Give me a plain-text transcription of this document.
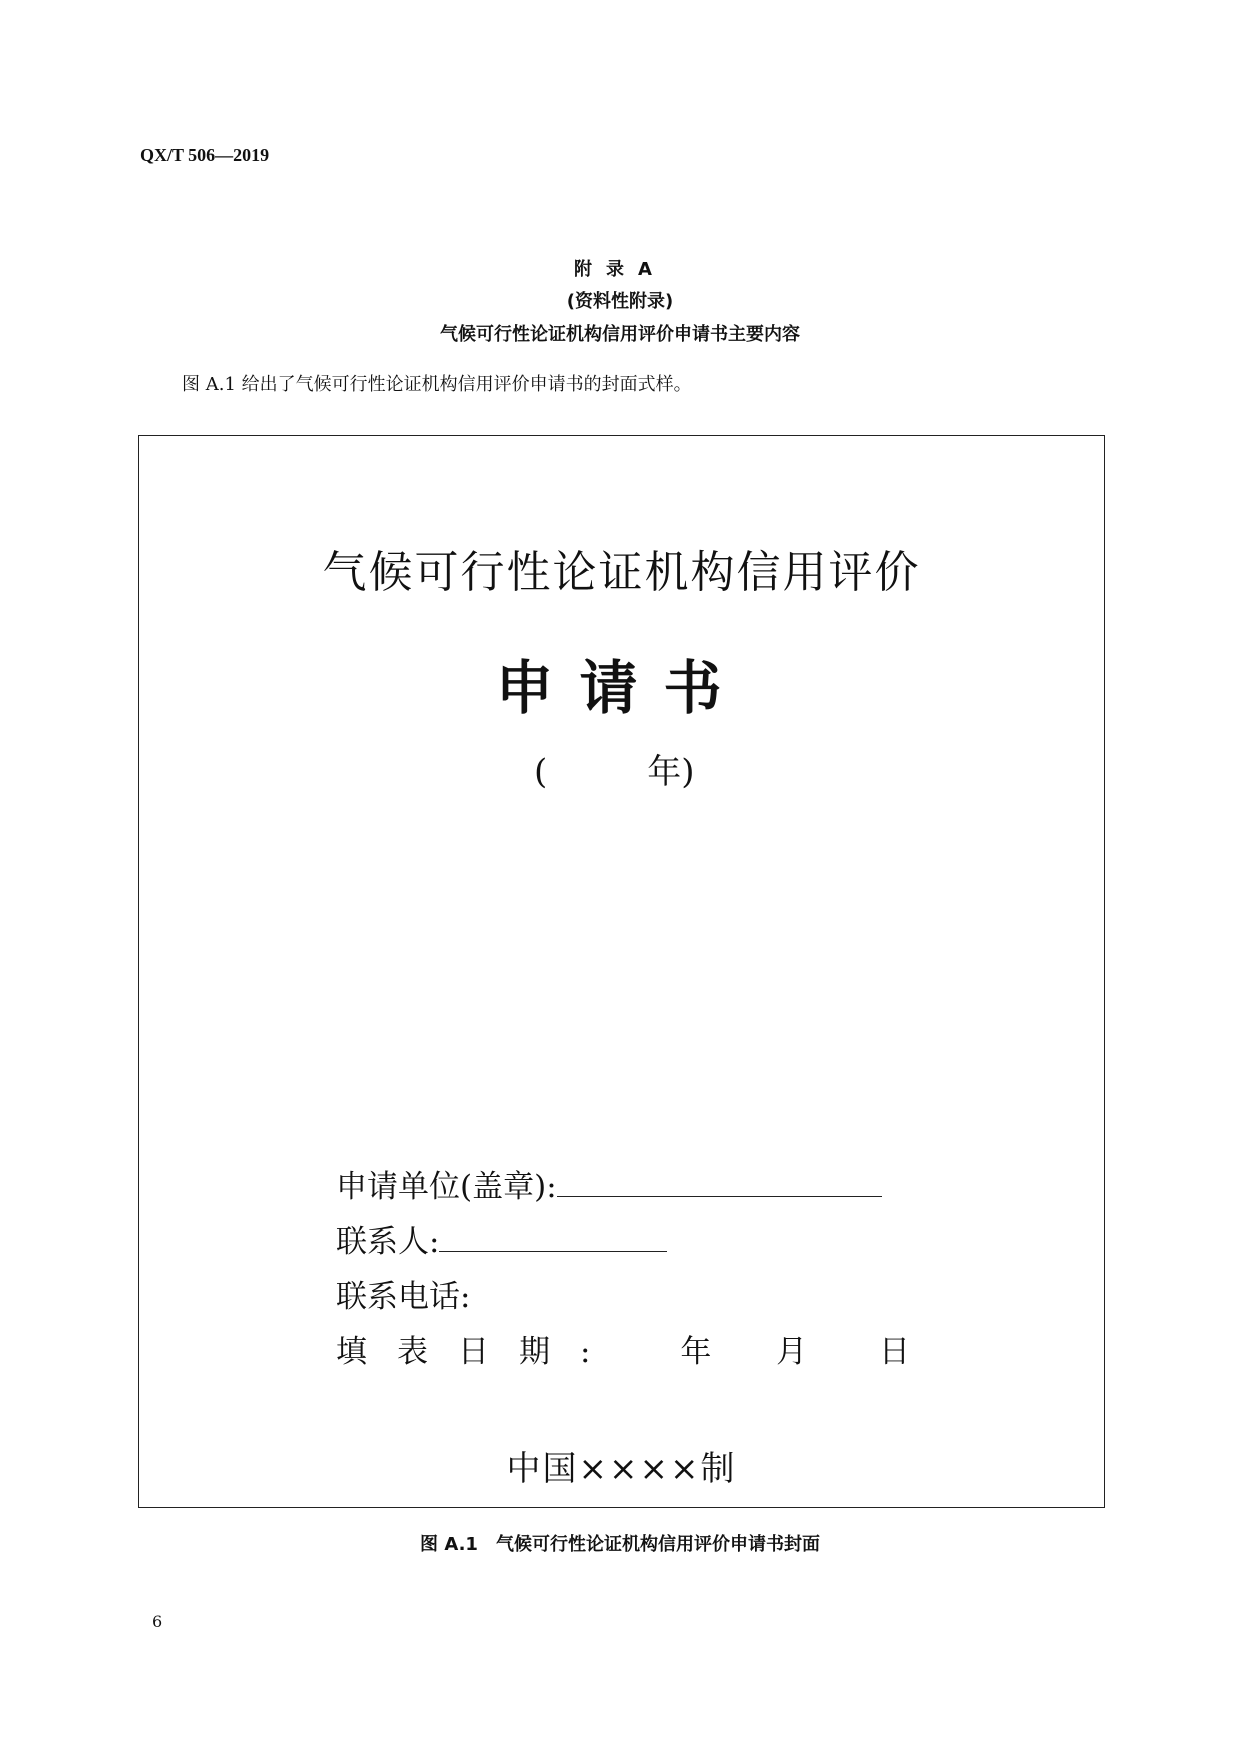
QX/T 506—2019
附录A
(资料性附录)
气候可行性论证机构信用评价申请书主要内容
图 A.1 给出了气候可行性论证机构信用评价申请书的封面式样。
气候可行性论证机构信用评价
申请书
(	年)
申请单位(盖章):
联系人:
联系电话:
填表日期: 年 月 日
中国××××制
图 A.1 气候可行性论证机构信用评价申请书封面
6
